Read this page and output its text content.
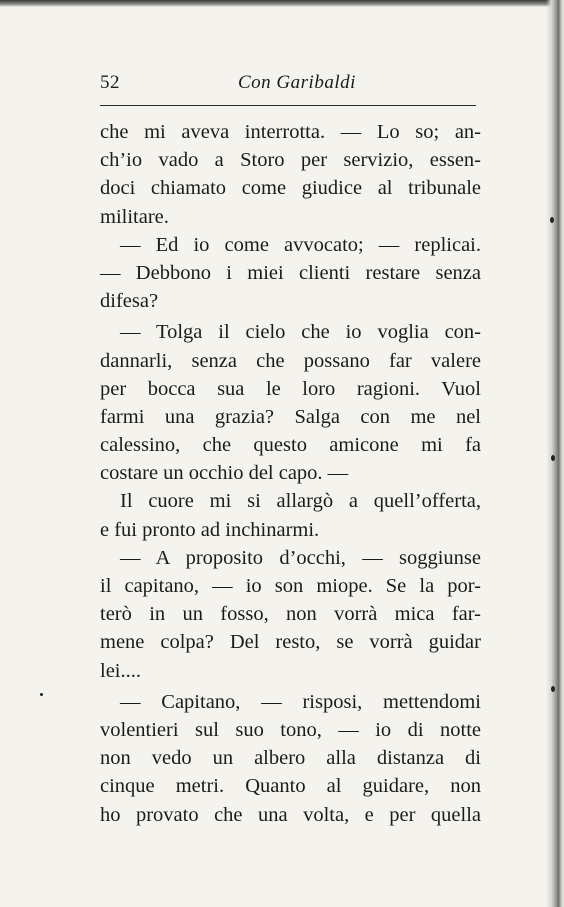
52	Con Garibaldi
che mi aveva interrotta. — Lo so; an-
ch’io vado a Storo per servizio, essen-
doci chiamato come giudice al tribunale
militare.
— Ed io come avvocato; — replicai.
— Debbono i miei clienti restare senza
difesa?
— Tolga il cielo che io voglia con-
dannarli, senza che possano far valere
per bocca sua le loro ragioni. Vuol
farmi una grazia? Salga con me nel
calessino, che questo amicone mi fa
costare un occhio del capo. —
Il cuore mi si allargò a quell’offerta,
e fui pronto ad inchinarmi.
— A proposito d’occhi, — soggiunse
il capitano, — io son miope. Se la por-
terò in un fosso, non vorrà mica far-
mene colpa? Del resto, se vorrà guidar
lei....
— Capitano, — risposi, mettendomi
volentieri sul suo tono, — io di notte
non vedo un albero alla distanza di
cinque metri. Quanto al guidare, non
ho provato che una volta, e per quella
